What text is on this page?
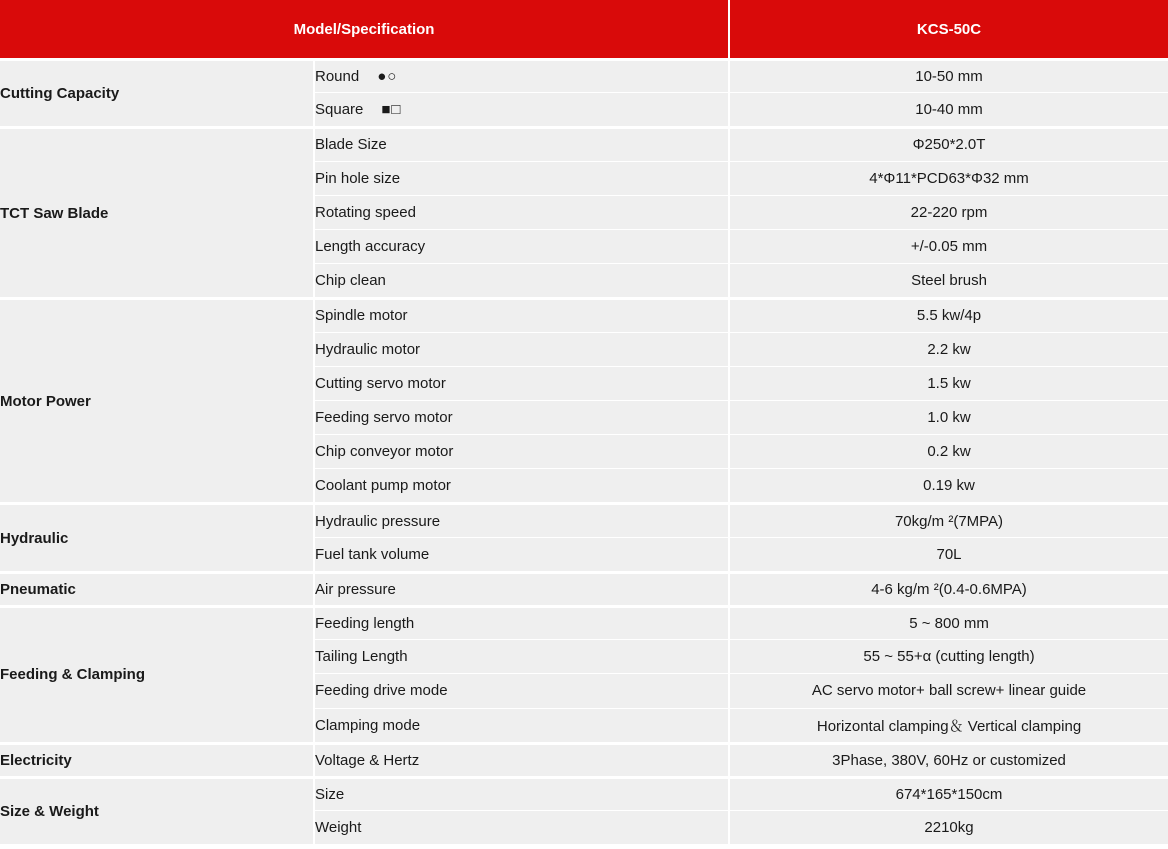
Model/Specification		KCS-50C
Cutting Capacity	Round ●○	10-50 mm
	Square ■□	10-40 mm
TCT Saw Blade	Blade Size	Φ250*2.0T
	Pin hole size	4*Φ11*PCD63*Φ32 mm
	Rotating speed	22-220 rpm
	Length accuracy	+/-0.05 mm
	Chip clean	Steel brush
Motor Power	Spindle motor	5.5 kw/4p
	Hydraulic motor	2.2 kw
	Cutting servo motor	1.5 kw
	Feeding servo motor	1.0 kw
	Chip conveyor motor	0.2 kw
	Coolant pump motor	0.19 kw
Hydraulic	Hydraulic pressure	70kg/m ²(7MPA)
	Fuel tank volume	70L
Pneumatic	Air pressure	4-6 kg/m ²(0.4-0.6MPA)
Feeding & Clamping	Feeding length	5 ~ 800 mm
	Tailing Length	55 ~ 55+α (cutting length)
	Feeding drive mode	AC servo motor+ ball screw+ linear guide
	Clamping mode	Horizontal clamping＆ Vertical clamping
Electricity	Voltage & Hertz	3Phase, 380V, 60Hz or customized
Size & Weight	Size	674*165*150cm
	Weight	2210kg
